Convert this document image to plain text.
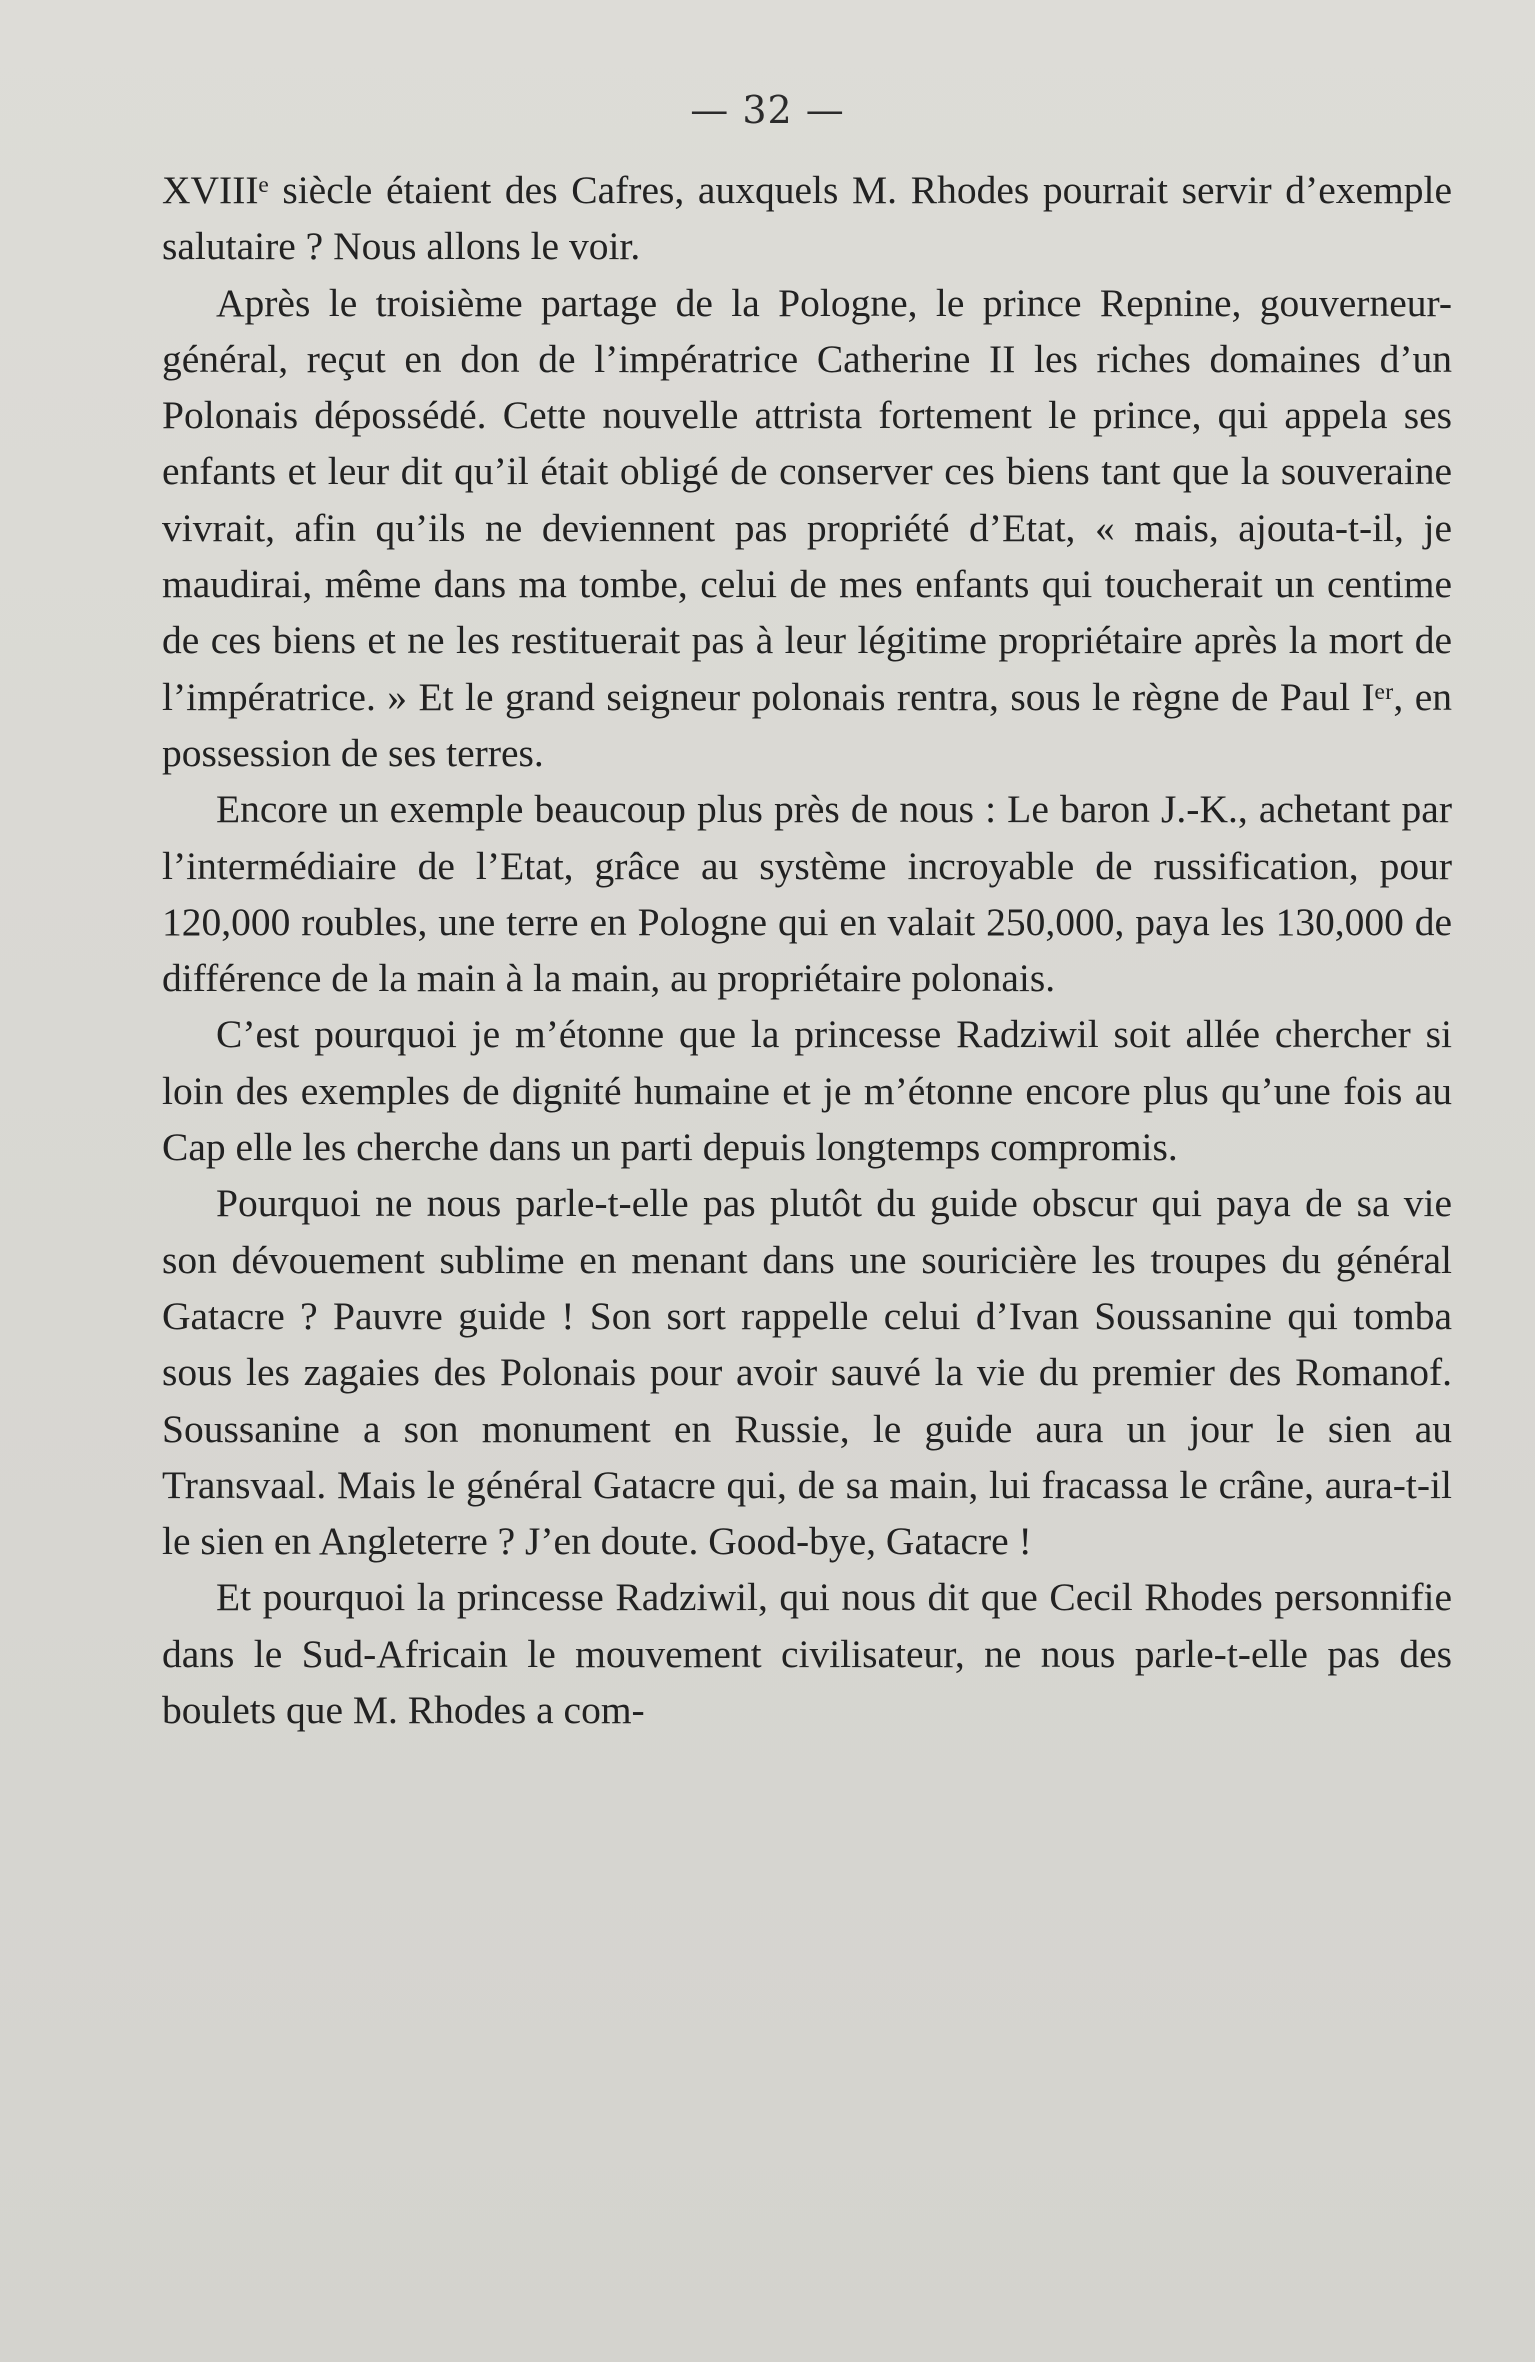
— 32 —

XVIIIᵉ siècle étaient des Cafres, auxquels M. Rhodes pourrait servir d’exemple salutaire ? Nous allons le voir.

Après le troisième partage de la Pologne, le prince Repnine, gouverneur-général, reçut en don de l’impératrice Catherine II les riches domaines d’un Polonais dépossédé. Cette nouvelle attrista fortement le prince, qui appela ses enfants et leur dit qu’il était obligé de conserver ces biens tant que la souveraine vivrait, afin qu’ils ne deviennent pas propriété d’Etat, « mais, ajouta-t-il, je maudirai, même dans ma tombe, celui de mes enfants qui toucherait un centime de ces biens et ne les restituerait pas à leur légitime propriétaire après la mort de l’impératrice. » Et le grand seigneur polonais rentra, sous le règne de Paul Iᵉʳ, en possession de ses terres.

Encore un exemple beaucoup plus près de nous : Le baron J.-K., achetant par l’intermédiaire de l’Etat, grâce au système incroyable de russification, pour 120,000 roubles, une terre en Pologne qui en valait 250,000, paya les 130,000 de différence de la main à la main, au propriétaire polonais.

C’est pourquoi je m’étonne que la princesse Radziwil soit allée chercher si loin des exemples de dignité humaine et je m’étonne encore plus qu’une fois au Cap elle les cherche dans un parti depuis longtemps compromis.

Pourquoi ne nous parle-t-elle pas plutôt du guide obscur qui paya de sa vie son dévouement sublime en menant dans une souricière les troupes du général Gatacre ? Pauvre guide ! Son sort rappelle celui d’Ivan Soussanine qui tomba sous les zagaies des Polonais pour avoir sauvé la vie du premier des Romanof. Soussanine a son monument en Russie, le guide aura un jour le sien au Transvaal. Mais le général Gatacre qui, de sa main, lui fracassa le crâne, aura-t-il le sien en Angleterre ? J’en doute. Good-bye, Gatacre !

Et pourquoi la princesse Radziwil, qui nous dit que Cecil Rhodes personnifie dans le Sud-Africain le mouvement civilisateur, ne nous parle-t-elle pas des boulets que M. Rhodes a com-
